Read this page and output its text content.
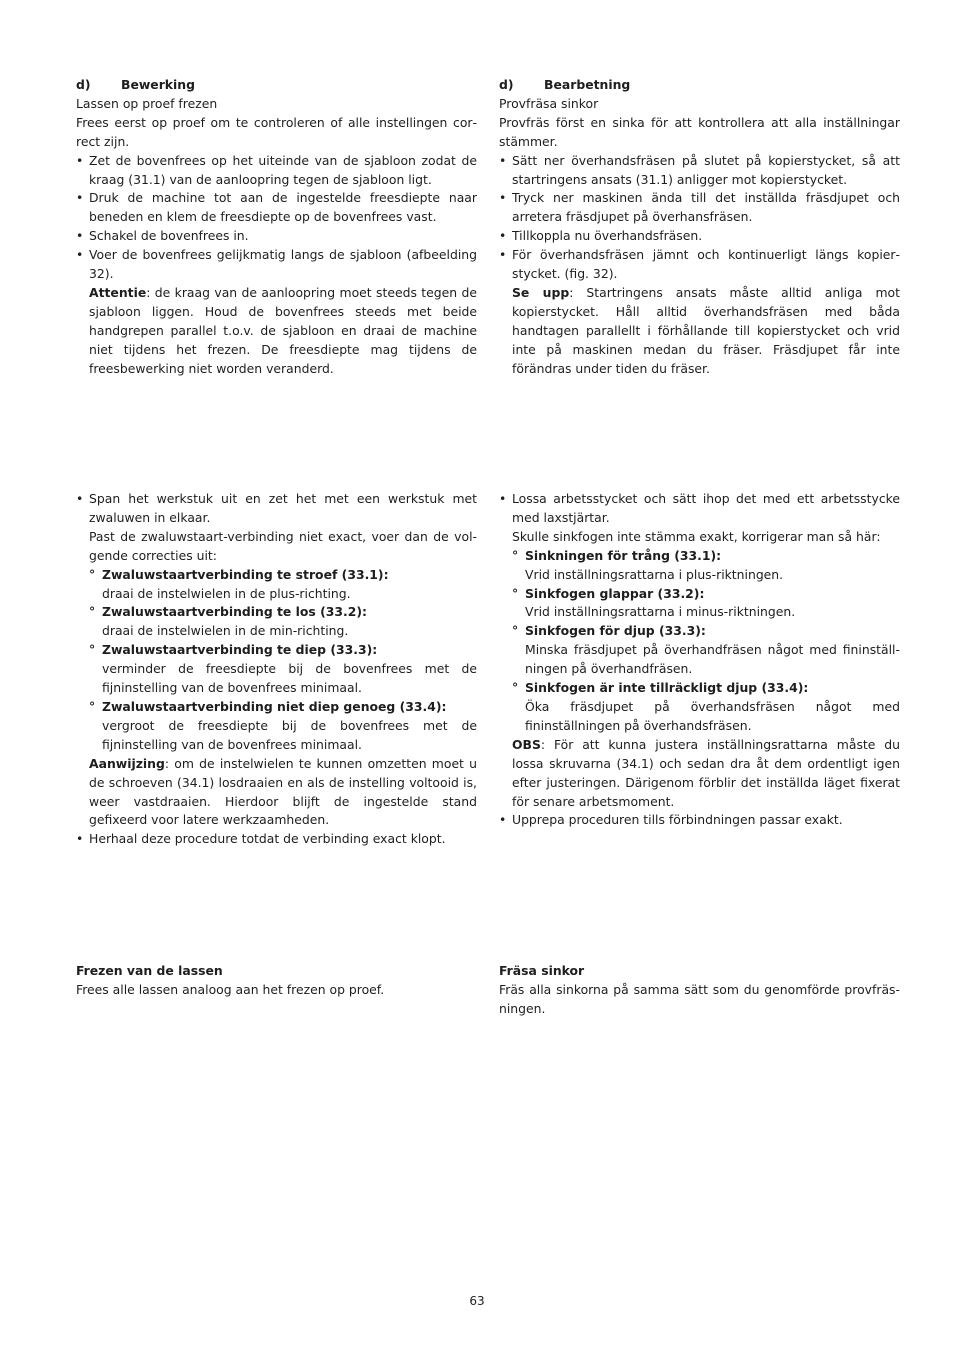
d) Bewerking
Lassen op proef frezen
Frees eerst op proef om te controleren of alle instellingen correct zijn.
• Zet de bovenfrees op het uiteinde van de sjabloon zodat de kraag (31.1) van de aanloopring tegen de sjabloon ligt.
• Druk de machine tot aan de ingestelde freesdiepte naar beneden en klem de freesdiepte op de bovenfrees vast.
• Schakel de bovenfrees in.
• Voer de bovenfrees gelijkmatig langs de sjabloon (afbeelding 32).
Attentie: de kraag van de aanloopring moet steeds tegen de sjabloon liggen. Houd de bovenfrees steeds met beide handgrepen parallel t.o.v. de sjabloon en draai de machine niet tijdens het frezen. De freesdiepte mag tijdens de freesbewerking niet worden veranderd.
d) Bearbetning
Provfräsa sinkor
Provfräs först en sinka för att kontrollera att alla inställningar stämmer.
• Sätt ner överhandsfräsen på slutet på kopierstycket, så att startringens ansats (31.1) anligger mot kopierstycket.
• Tryck ner maskinen ända till det inställda fräsdjupet och arretera fräsdjupet på överhansfräsen.
• Tillkoppla nu överhandsfräsen.
• För överhandsfräsen jämnt och kontinuerligt längs kopierstycket. (fig. 32).
Se upp: Startringens ansats måste alltid anliga mot kopierstycket. Håll alltid överhandsfräsen med båda handtagen parallellt i förhållande till kopierstycket och vrid inte på maskinen medan du fräser. Fräsdjupet får inte förändras under tiden du fräser.
• Span het werkstuk uit en zet het met een werkstuk met zwaluwen in elkaar.
Past de zwaluwstaart-verbinding niet exact, voer dan de volgende correcties uit:
° Zwaluwstaartverbinding te stroef (33.1):
draai de instelwielen in de plus-richting.
° Zwaluwstaartverbinding te los (33.2):
draai de instelwielen in de min-richting.
° Zwaluwstaartverbinding te diep (33.3):
verminder de freesdiepte bij de bovenfrees met de fijninstelling van de bovenfrees minimaal.
° Zwaluwstaartverbinding niet diep genoeg (33.4):
vergroot de freesdiepte bij de bovenfrees met de fijninstelling van de bovenfrees minimaal.
Aanwijzing: om de instelwielen te kunnen omzetten moet u de schroeven (34.1) losdraaien en als de instelling voltooid is, weer vastdraaien. Hierdoor blijft de ingestelde stand gefixeerd voor latere werkzaamheden.
• Herhaal deze procedure totdat de verbinding exact klopt.
• Lossa arbetsstycket och sätt ihop det med ett arbetsstycke med laxstjärtar.
Skulle sinkfogen inte stämma exakt, korrigerar man så här:
° Sinkningen för trång (33.1):
Vrid inställningsrattarna i plus-riktningen.
° Sinkfogen glappar (33.2):
Vrid inställningsrattarna i minus-riktningen.
° Sinkfogen för djup (33.3):
Minska fräsdjupet på överhandfräsen något med fininställningen på överhandfräsen.
° Sinkfogen är inte tillräckligt djup (33.4):
Öka fräsdjupet på överhandsfräsen något med fininställningen på överhandsfräsen.
OBS: För att kunna justera inställningsrattarna måste du lossa skruvarna (34.1) och sedan dra åt dem ordentligt igen efter justeringen. Därigenom förblir det inställda läget fixerat för senare arbetsmoment.
• Upprepa proceduren tills förbindningen passar exakt.
Frezen van de lassen
Frees alle lassen analoog aan het frezen op proef.
Fräsa sinkor
Fräs alla sinkorna på samma sätt som du genomförde provfräsningen.
63
